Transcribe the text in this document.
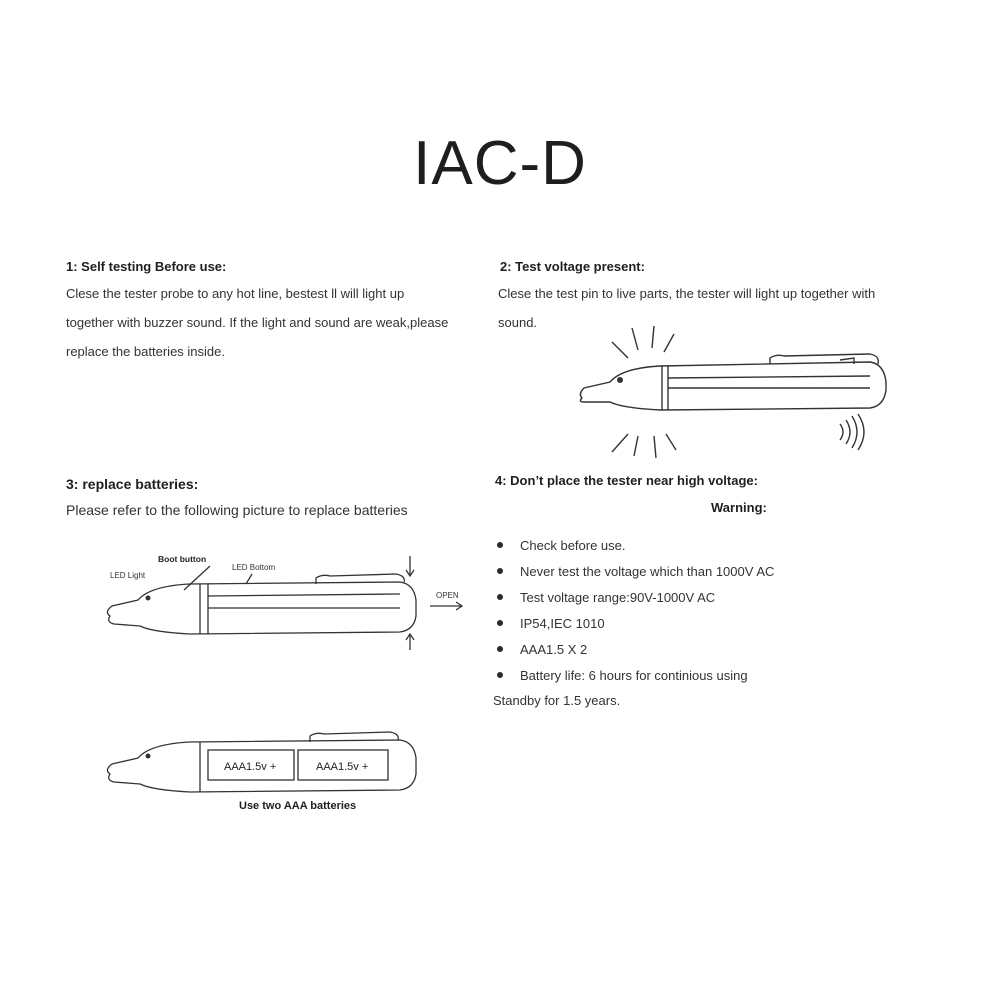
IAC-D
1: Self testing Before use:
Clese the tester probe to any hot line, bestest ll will light up
together with buzzer sound. If the light and sound are weak,please
replace the batteries inside.
2: Test voltage present:
Clese the test pin to live parts, the tester will light up together with
sound.
3: replace batteries:
Please refer to the following picture to replace batteries
LED Light
Boot button
LED Bottom
OPEN
AAA1.5v +	AAA1.5v +
Use two AAA batteries
4: Don’t place the tester near high voltage:
Warning:
Check before use.
Never test the voltage which than 1000V AC
Test voltage range:90V-1000V AC
IP54,IEC 1010
AAA1.5 X 2
Battery life: 6 hours for continious using
Standby for 1.5 years.
